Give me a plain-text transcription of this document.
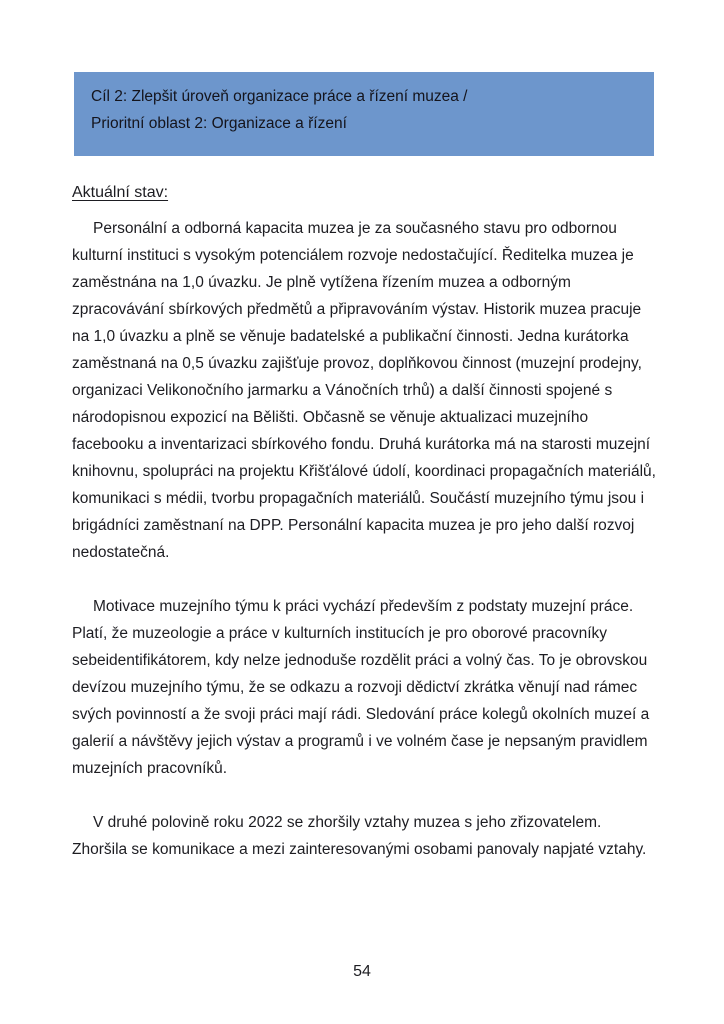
Cíl 2: Zlepšit úroveň organizace práce a řízení muzea /
Prioritní oblast 2: Organizace a řízení
Aktuální stav:

Personální a odborná kapacita muzea je za současného stavu pro odbornou kulturní instituci s vysokým potenciálem rozvoje nedostačující. Ředitelka muzea je zaměstnána na 1,0 úvazku. Je plně vytížena řízením muzea a odborným zpracovávání sbírkových předmětů a připravováním výstav. Historik muzea pracuje na 1,0 úvazku a plně se věnuje badatelské a publikační činnosti. Jedna kurátorka zaměstnaná na 0,5 úvazku zajišťuje provoz, doplňkovou činnost (muzejní prodejny, organizaci Velikonočního jarmarku a Vánočních trhů) a další činnosti spojené s národopisnou expozicí na Bělišti. Občasně se věnuje aktualizaci muzejního facebooku a inventarizaci sbírkového fondu. Druhá kurátorka má na starosti muzejní knihovnu, spolupráci na projektu Křišťálové údolí, koordinaci propagačních materiálů, komunikaci s médii, tvorbu propagačních materiálů. Součástí muzejního týmu jsou i brigádníci zaměstnaní na DPP. Personální kapacita muzea je pro jeho další rozvoj nedostatečná.

Motivace muzejního týmu k práci vychází především z podstaty muzejní práce. Platí, že muzeologie a práce v kulturních institucích je pro oborové pracovníky sebeidentifikátorem, kdy nelze jednoduše rozdělit práci a volný čas. To je obrovskou devízou muzejního týmu, že se odkazu a rozvoji dědictví zkrátka věnují nad rámec svých povinností a že svoji práci mají rádi. Sledování práce kolegů okolních muzeí a galerií a návštěvy jejich výstav a programů i ve volném čase je nepsaným pravidlem muzejních pracovníků.

V druhé polovině roku 2022 se zhoršily vztahy muzea s jeho zřizovatelem. Zhoršila se komunikace a mezi zainteresovanými osobami panovaly napjaté vztahy.

54
